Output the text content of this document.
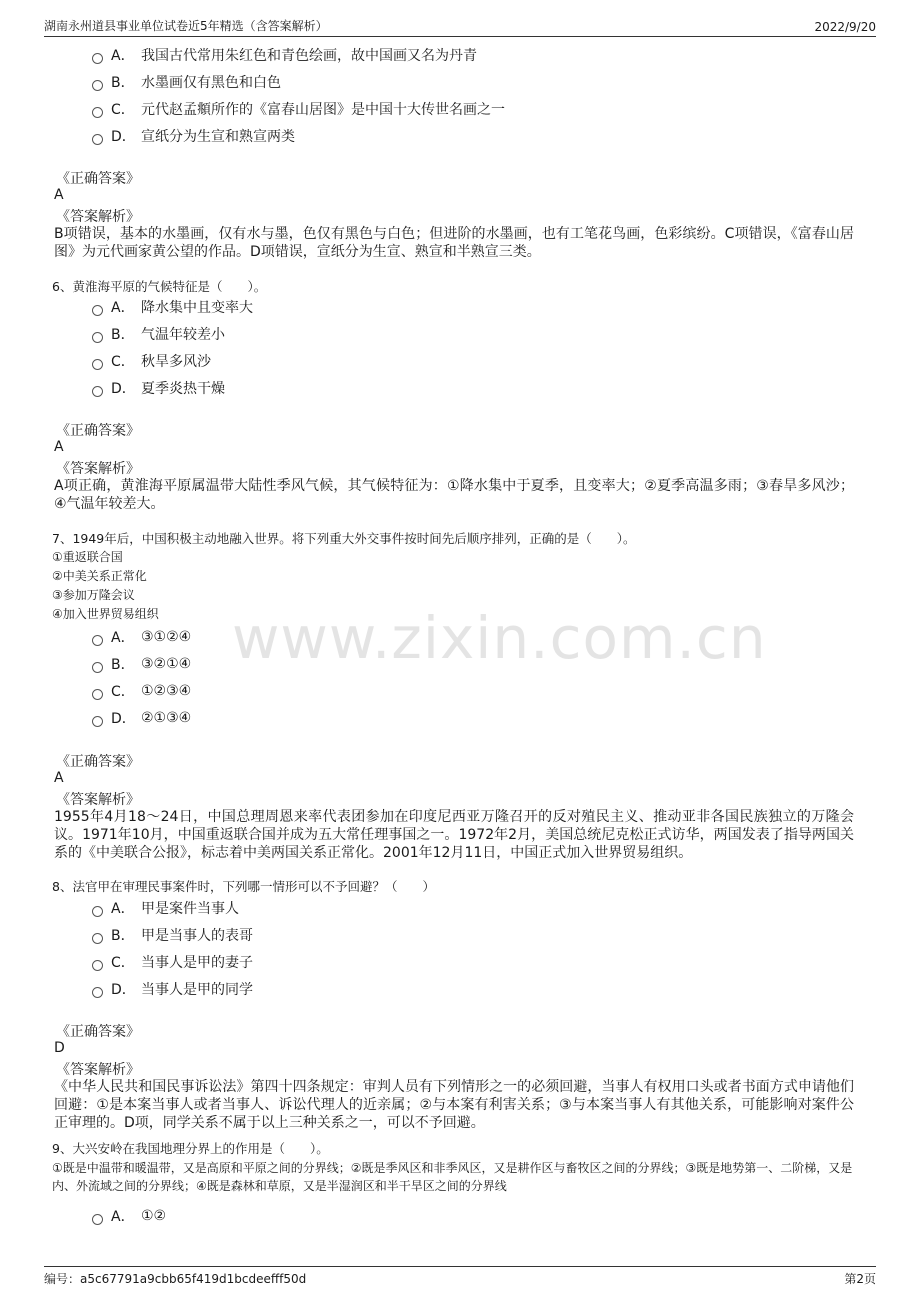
湖南永州道县事业单位试卷近5年精选（含答案解析）	2022/9/20
www.zixin.com.cn
A． 我国古代常用朱红色和青色绘画，故中国画又名为丹青
B． 水墨画仅有黑色和白色
C． 元代赵孟頫所作的《富春山居图》是中国十大传世名画之一
D． 宣纸分为生宣和熟宣两类
《正确答案》
A
《答案解析》
B项错误，基本的水墨画，仅有水与墨，色仅有黑色与白色；但进阶的水墨画，也有工笔花鸟画，色彩缤纷。C项错误，《富春山居图》为元代画家黄公望的作品。D项错误，宣纸分为生宣、熟宣和半熟宣三类。
6、黄淮海平原的气候特征是（　　）。
A． 降水集中且变率大
B． 气温年较差小
C． 秋旱多风沙
D． 夏季炎热干燥
《正确答案》
A
《答案解析》
A项正确，黄淮海平原属温带大陆性季风气候，其气候特征为：①降水集中于夏季，且变率大；②夏季高温多雨；③春旱多风沙；④气温年较差大。
7、1949年后，中国积极主动地融入世界。将下列重大外交事件按时间先后顺序排列，正确的是（　　）。
①重返联合国
②中美关系正常化
③参加万隆会议
④加入世界贸易组织
A． ③①②④
B． ③②①④
C． ①②③④
D． ②①③④
《正确答案》
A
《答案解析》
1955年4月18～24日，中国总理周恩来率代表团参加在印度尼西亚万隆召开的反对殖民主义、推动亚非各国民族独立的万隆会议。1971年10月，中国重返联合国并成为五大常任理事国之一。1972年2月，美国总统尼克松正式访华，两国发表了指导两国关系的《中美联合公报》，标志着中美两国关系正常化。2001年12月11日，中国正式加入世界贸易组织。
8、法官甲在审理民事案件时，下列哪一情形可以不予回避？（　　）
A． 甲是案件当事人
B． 甲是当事人的表哥
C． 当事人是甲的妻子
D． 当事人是甲的同学
《正确答案》
D
《答案解析》
《中华人民共和国民事诉讼法》第四十四条规定：审判人员有下列情形之一的必须回避，当事人有权用口头或者书面方式申请他们回避：①是本案当事人或者当事人、诉讼代理人的近亲属；②与本案有利害关系；③与本案当事人有其他关系，可能影响对案件公正审理的。D项，同学关系不属于以上三种关系之一，可以不予回避。
9、大兴安岭在我国地理分界上的作用是（　　）。
①既是中温带和暖温带，又是高原和平原之间的分界线；②既是季风区和非季风区，又是耕作区与畜牧区之间的分界线；③既是地势第一、二阶梯，又是内、外流域之间的分界线；④既是森林和草原，又是半湿润区和半干旱区之间的分界线
A． ①②
编号：a5c67791a9cbb65f419d1bcdeefff50d	第2页
